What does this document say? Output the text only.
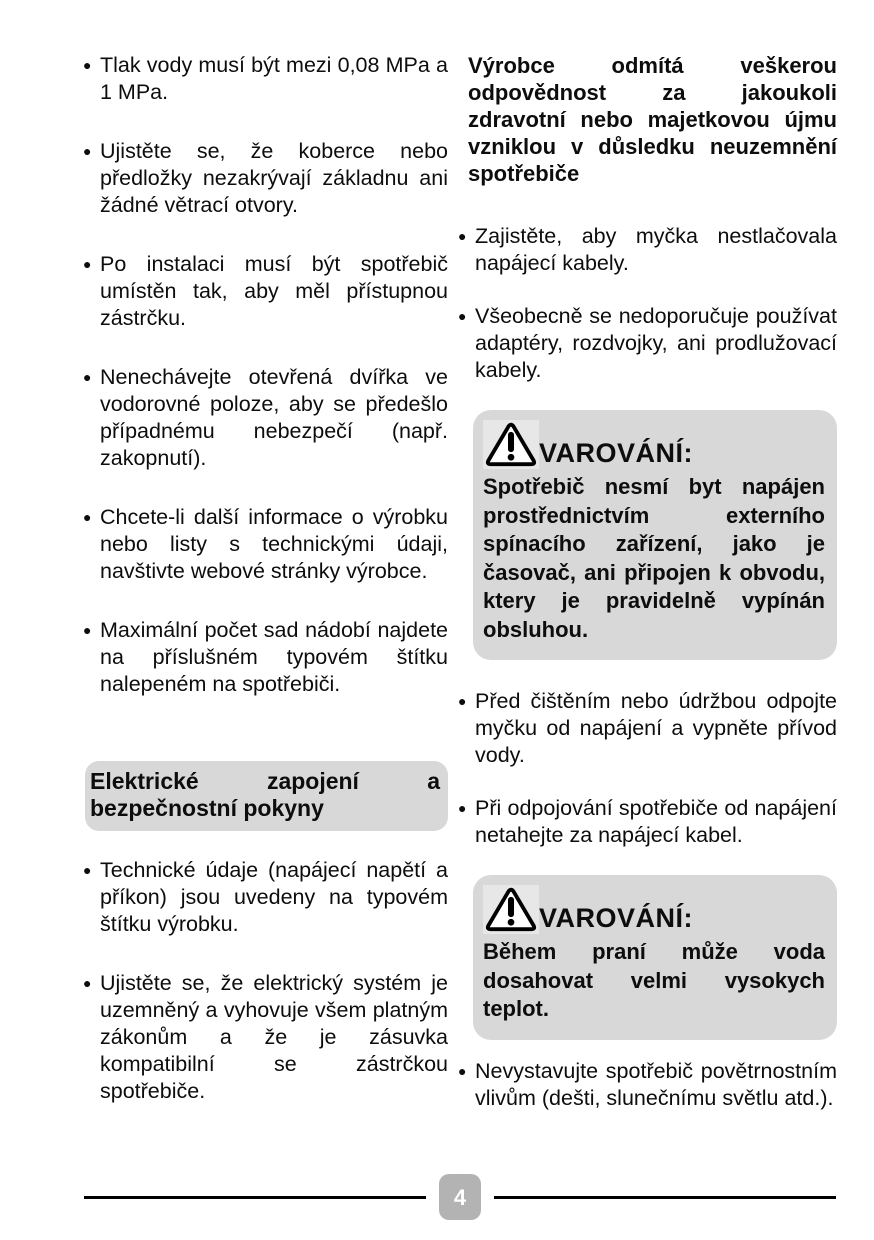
● Tlak vody musí být mezi 0,08 MPa a 1 MPa.

● Ujistěte se, že koberce nebo předložky nezakrývají základnu ani žádné větrací otvory.

● Po instalaci musí být spotřebič umístěn tak, aby měl přístupnou zástrčku.

● Nenechávejte otevřená dvířka ve vodorovné poloze, aby se předešlo případnému nebezpečí (např. zakopnutí).

● Chcete-li další informace o výrobku nebo listy s technickými údaji, navštivte webové stránky výrobce.

● Maximální počet sad nádobí najdete na příslušném typovém štítku nalepeném na spotřebiči.

Elektrické zapojení a bezpečnostní pokyny

● Technické údaje (napájecí napětí a příkon) jsou uvedeny na typovém štítku výrobku.

● Ujistěte se, že elektrický systém je uzemněný a vyhovuje všem platným zákonům a že je zásuvka kompatibilní se zástrčkou spotřebiče.

Výrobce odmítá veškerou odpovědnost za jakoukoli zdravotní nebo majetkovou újmu vzniklou v důsledku neuzemnění spotřebiče

● Zajistěte, aby myčka nestlačovala napájecí kabely.

● Všeobecně se nedoporučuje používat adaptéry, rozdvojky, ani prodlužovací kabely.

VAROVÁNÍ:
Spotřebič nesmí byt napájen prostřednictvím externího spínacího zařízení, jako je časovač, ani připojen k obvodu, ktery je pravidelně vypínán obsluhou.

● Před čištěním nebo údržbou odpojte myčku od napájení a vypněte přívod vody.

● Při odpojování spotřebiče od napájení netahejte za napájecí kabel.

VAROVÁNÍ:
Během praní může voda dosahovat velmi vysokych teplot.

● Nevystavujte spotřebič povětrnostním vlivům (dešti, slunečnímu světlu atd.).

4
